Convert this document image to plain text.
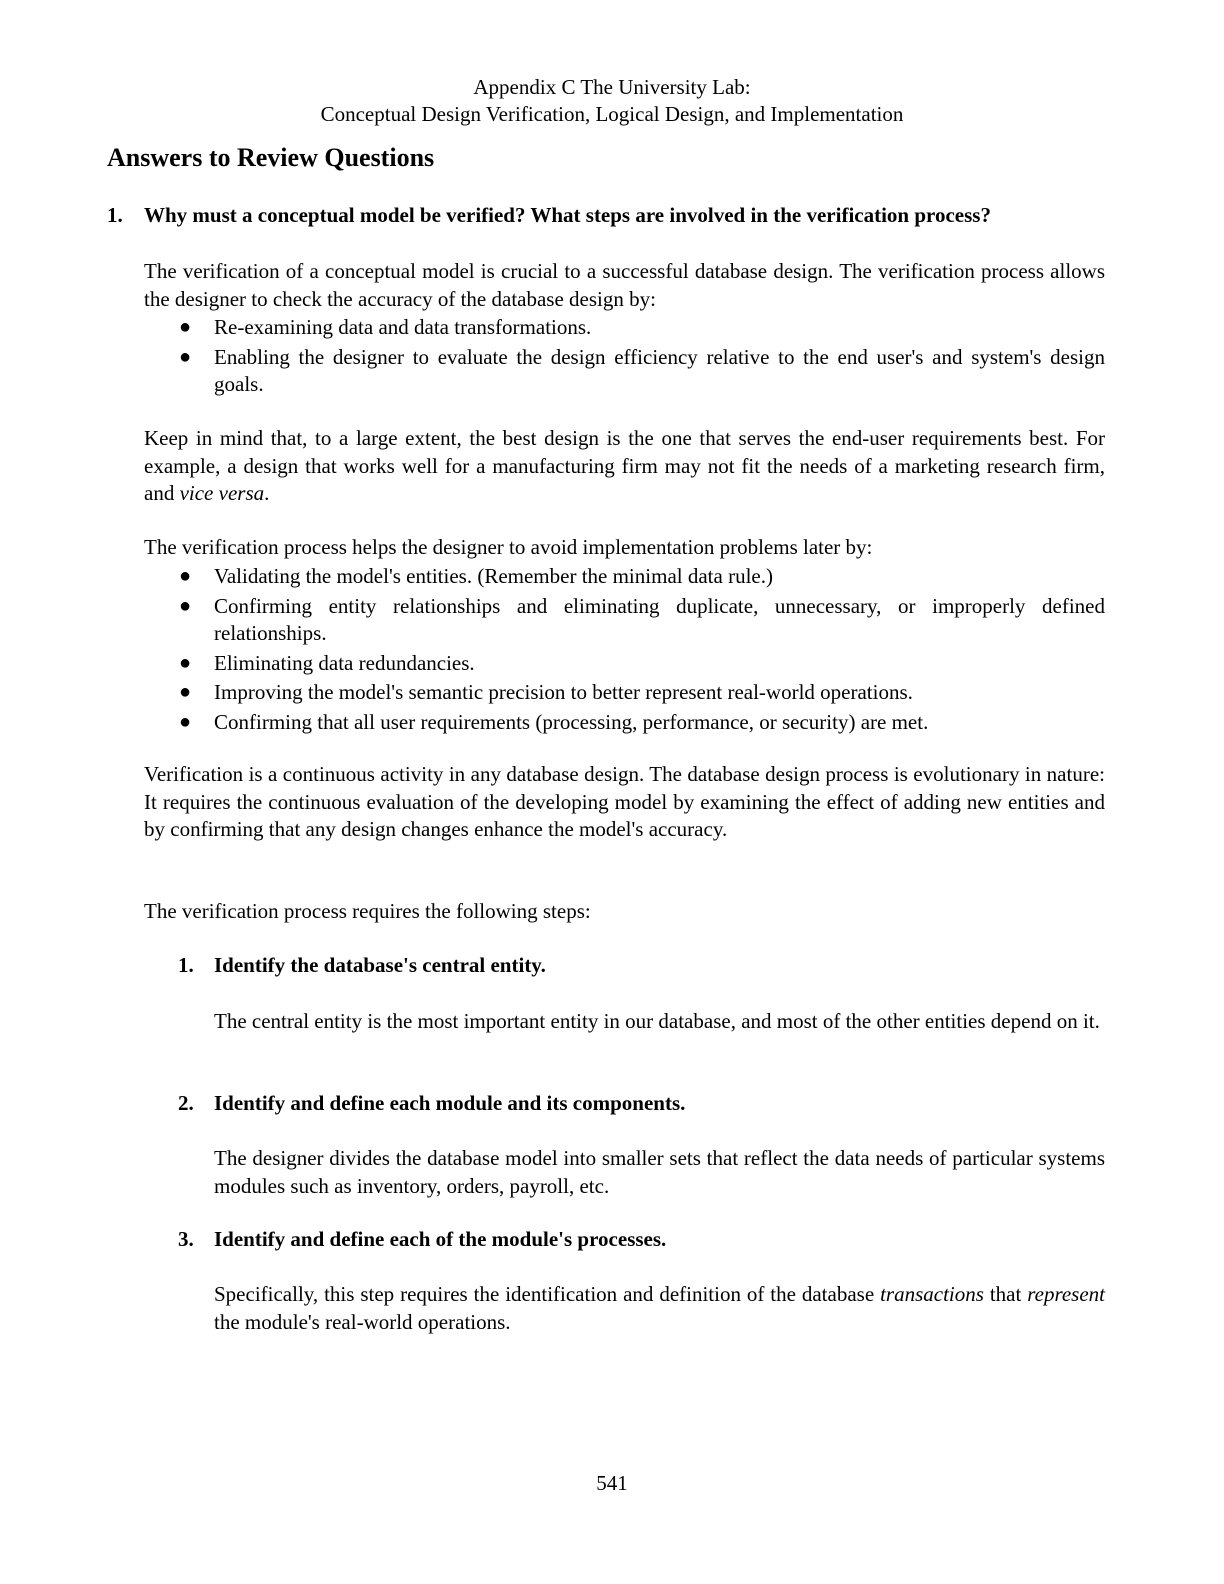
Appendix C The University Lab:
Conceptual Design Verification, Logical Design, and Implementation
Answers to Review Questions
1. Why must a conceptual model be verified? What steps are involved in the verification process?
The verification of a conceptual model is crucial to a successful database design. The verification process allows the designer to check the accuracy of the database design by:
● Re-examining data and data transformations.
● Enabling the designer to evaluate the design efficiency relative to the end user's and system's design goals.
Keep in mind that, to a large extent, the best design is the one that serves the end-user requirements best. For example, a design that works well for a manufacturing firm may not fit the needs of a marketing research firm, and vice versa.
The verification process helps the designer to avoid implementation problems later by:
● Validating the model's entities. (Remember the minimal data rule.)
● Confirming entity relationships and eliminating duplicate, unnecessary, or improperly defined relationships.
● Eliminating data redundancies.
● Improving the model's semantic precision to better represent real-world operations.
● Confirming that all user requirements (processing, performance, or security) are met.
Verification is a continuous activity in any database design. The database design process is evolutionary in nature: It requires the continuous evaluation of the developing model by examining the effect of adding new entities and by confirming that any design changes enhance the model's accuracy.
The verification process requires the following steps:
1. Identify the database's central entity.
The central entity is the most important entity in our database, and most of the other entities depend on it.
2. Identify and define each module and its components.
The designer divides the database model into smaller sets that reflect the data needs of particular systems modules such as inventory, orders, payroll, etc.
3. Identify and define each of the module's processes.
Specifically, this step requires the identification and definition of the database transactions that represent the module's real-world operations.
541
